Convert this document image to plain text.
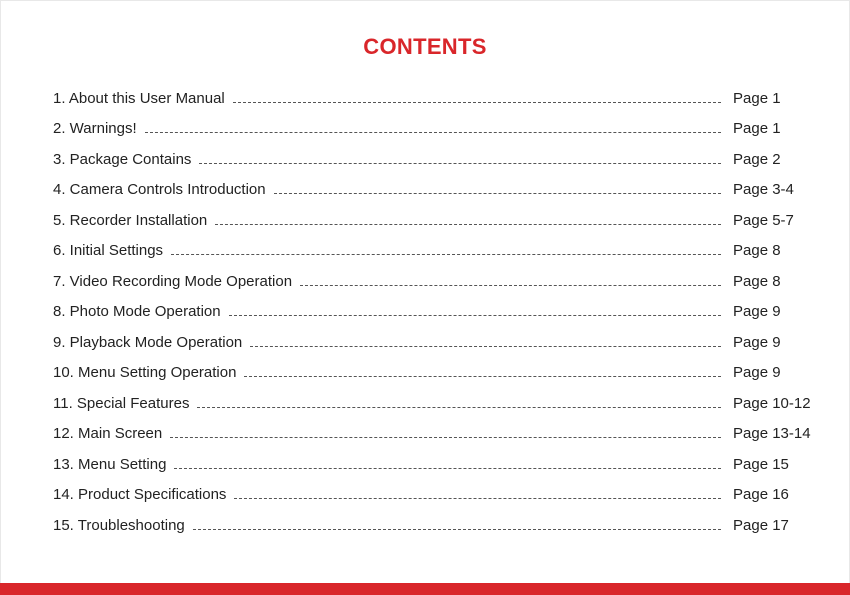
CONTENTS
1. About this User Manual	Page 1
2. Warnings!	Page 1
3. Package Contains	Page 2
4. Camera Controls Introduction	Page 3-4
5. Recorder Installation	Page 5-7
6. Initial Settings	Page 8
7. Video Recording Mode Operation	Page 8
8. Photo Mode Operation	Page 9
9. Playback Mode Operation	Page 9
10. Menu Setting Operation	Page 9
11. Special Features	Page 10-12
12. Main Screen	Page 13-14
13. Menu Setting	Page 15
14. Product Specifications	Page 16
15. Troubleshooting	Page 17
